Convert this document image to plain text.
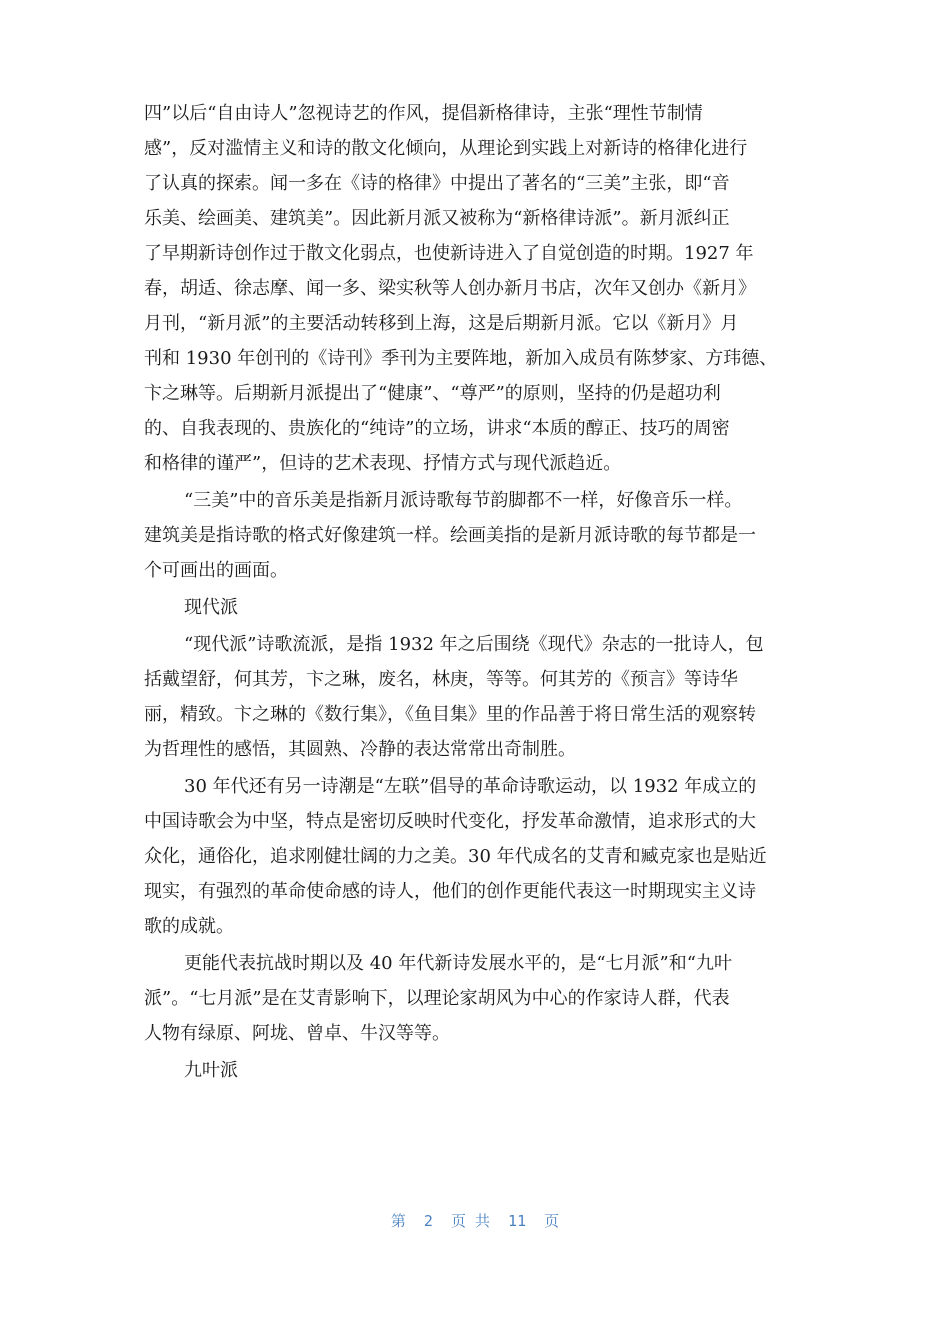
四”以后“自由诗人”忽视诗艺的作风，提倡新格律诗，主张“理性节制情
感”，反对滥情主义和诗的散文化倾向，从理论到实践上对新诗的格律化进行
了认真的探索。闻一多在《诗的格律》中提出了著名的“三美”主张，即“音
乐美、绘画美、建筑美”。因此新月派又被称为“新格律诗派”。新月派纠正
了早期新诗创作过于散文化弱点，也使新诗进入了自觉创造的时期。1927 年
春，胡适、徐志摩、闻一多、梁实秋等人创办新月书店，次年又创办《新月》
月刊，“新月派”的主要活动转移到上海，这是后期新月派。它以《新月》月
刊和 1930 年创刊的《诗刊》季刊为主要阵地，新加入成员有陈梦家、方玮德、
卞之琳等。后期新月派提出了“健康”、“尊严”的原则，坚持的仍是超功利
的、自我表现的、贵族化的“纯诗”的立场，讲求“本质的醇正、技巧的周密
和格律的谨严”，但诗的艺术表现、抒情方式与现代派趋近。
“三美”中的音乐美是指新月派诗歌每节韵脚都不一样，好像音乐一样。
建筑美是指诗歌的格式好像建筑一样。绘画美指的是新月派诗歌的每节都是一
个可画出的画面。
现代派
“现代派”诗歌流派，是指 1932 年之后围绕《现代》杂志的一批诗人，包
括戴望舒，何其芳，卞之琳，废名，林庚，等等。何其芳的《预言》等诗华
丽，精致。卞之琳的《数行集》，《鱼目集》里的作品善于将日常生活的观察转
为哲理性的感悟，其圆熟、冷静的表达常常出奇制胜。
30 年代还有另一诗潮是“左联”倡导的革命诗歌运动，以 1932 年成立的
中国诗歌会为中坚，特点是密切反映时代变化，抒发革命激情，追求形式的大
众化，通俗化，追求刚健壮阔的力之美。30 年代成名的艾青和臧克家也是贴近
现实，有强烈的革命使命感的诗人，他们的创作更能代表这一时期现实主义诗
歌的成就。
更能代表抗战时期以及 40 年代新诗发展水平的，是“七月派”和“九叶
派”。“七月派”是在艾青影响下，以理论家胡风为中心的作家诗人群，代表
人物有绿原、阿垅、曾卓、牛汉等等。
九叶派
第  2  页 共  11  页
